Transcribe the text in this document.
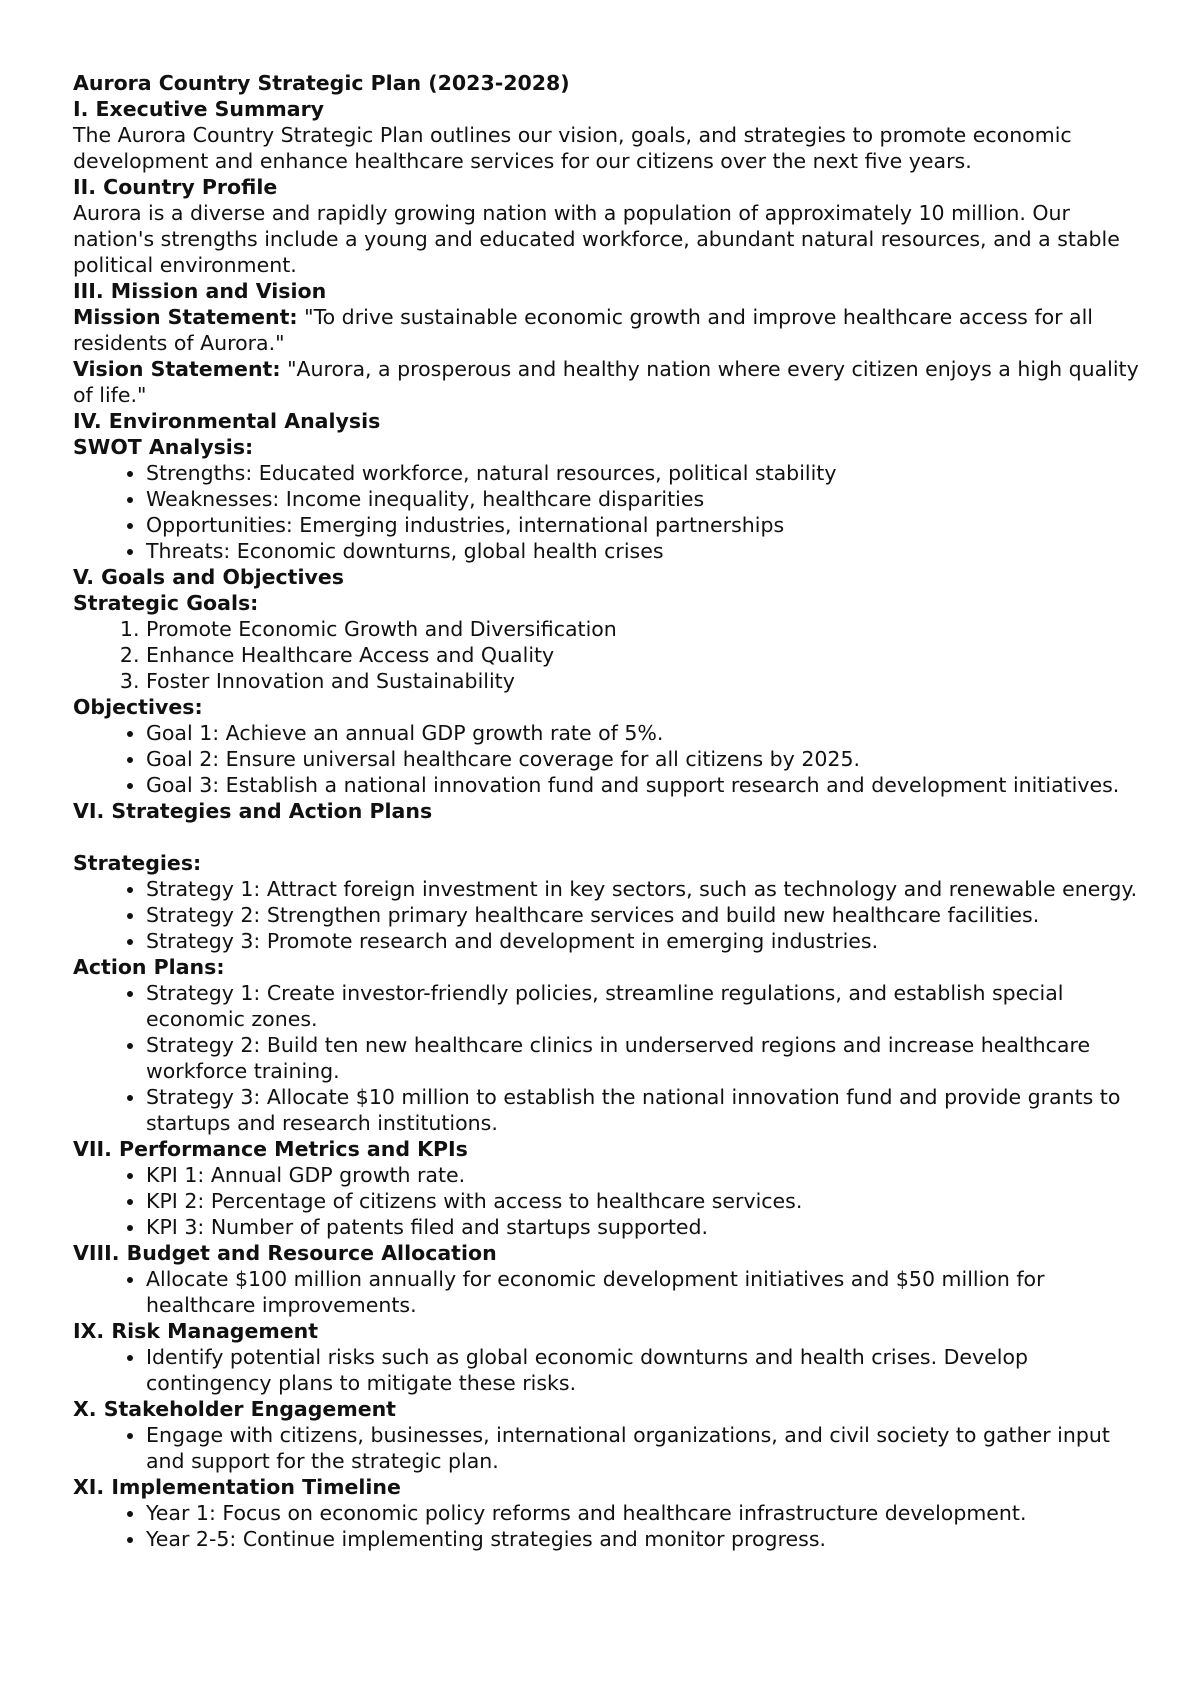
Aurora Country Strategic Plan (2023-2028)
I. Executive Summary

The Aurora Country Strategic Plan outlines our vision, goals, and strategies to promote economic development and enhance healthcare services for our citizens over the next five years.

II. Country Profile

Aurora is a diverse and rapidly growing nation with a population of approximately 10 million. Our nation's strengths include a young and educated workforce, abundant natural resources, and a stable political environment.

III. Mission and Vision

Mission Statement: "To drive sustainable economic growth and improve healthcare access for all residents of Aurora."

Vision Statement: "Aurora, a prosperous and healthy nation where every citizen enjoys a high quality of life."

IV. Environmental Analysis
SWOT Analysis:
• Strengths: Educated workforce, natural resources, political stability
• Weaknesses: Income inequality, healthcare disparities
• Opportunities: Emerging industries, international partnerships
• Threats: Economic downturns, global health crises
V. Goals and Objectives
Strategic Goals:
1. Promote Economic Growth and Diversification
2. Enhance Healthcare Access and Quality
3. Foster Innovation and Sustainability
Objectives:
• Goal 1: Achieve an annual GDP growth rate of 5%.
• Goal 2: Ensure universal healthcare coverage for all citizens by 2025.
• Goal 3: Establish a national innovation fund and support research and development initiatives.
VI. Strategies and Action Plans
Strategies:
• Strategy 1: Attract foreign investment in key sectors, such as technology and renewable energy.
• Strategy 2: Strengthen primary healthcare services and build new healthcare facilities.
• Strategy 3: Promote research and development in emerging industries.
Action Plans:
• Strategy 1: Create investor-friendly policies, streamline regulations, and establish special economic zones.
• Strategy 2: Build ten new healthcare clinics in underserved regions and increase healthcare workforce training.
• Strategy 3: Allocate $10 million to establish the national innovation fund and provide grants to startups and research institutions.
VII. Performance Metrics and KPIs
• KPI 1: Annual GDP growth rate.
• KPI 2: Percentage of citizens with access to healthcare services.
• KPI 3: Number of patents filed and startups supported.
VIII. Budget and Resource Allocation
• Allocate $100 million annually for economic development initiatives and $50 million for healthcare improvements.
IX. Risk Management
• Identify potential risks such as global economic downturns and health crises. Develop contingency plans to mitigate these risks.
X. Stakeholder Engagement
• Engage with citizens, businesses, international organizations, and civil society to gather input and support for the strategic plan.
XI. Implementation Timeline
• Year 1: Focus on economic policy reforms and healthcare infrastructure development.
• Year 2-5: Continue implementing strategies and monitor progress.
